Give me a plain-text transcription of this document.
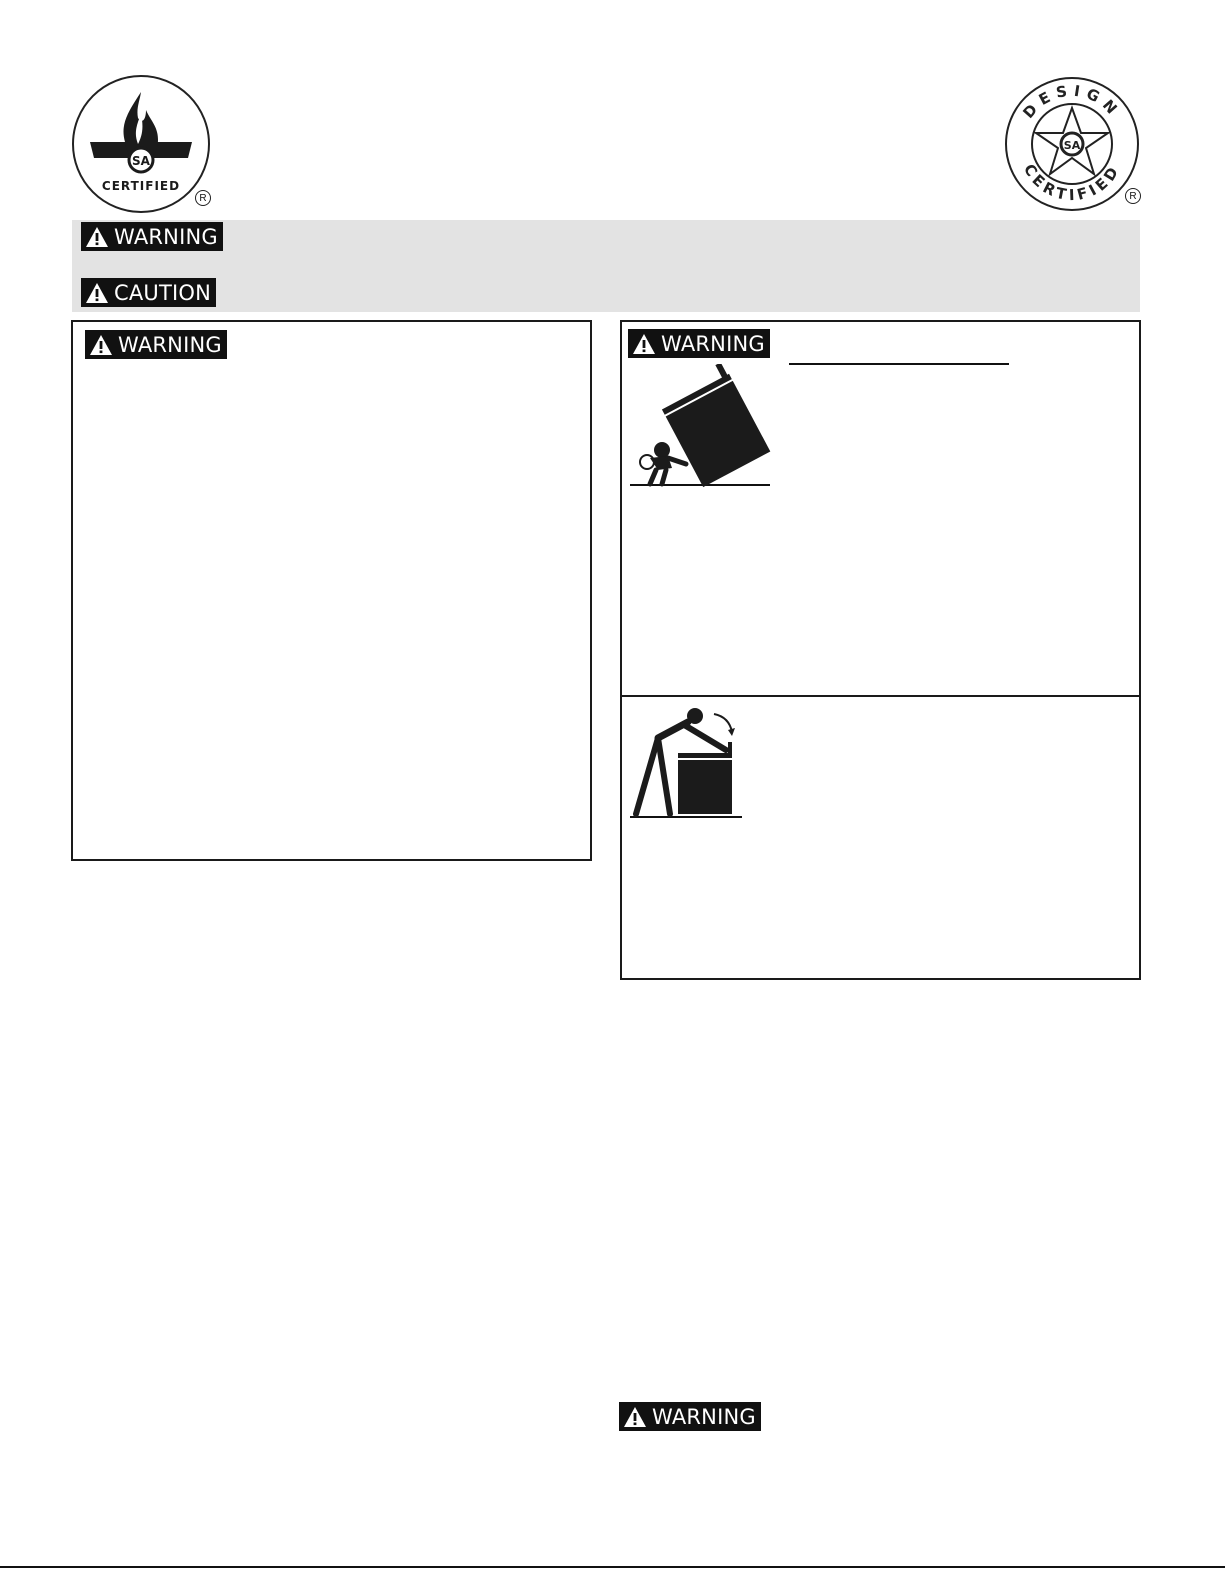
SA
CERTIFIED
R
DESIGN
CERTIFIED
SA
R
WARNING
CAUTION
WARNING	WARNING
WARNING
